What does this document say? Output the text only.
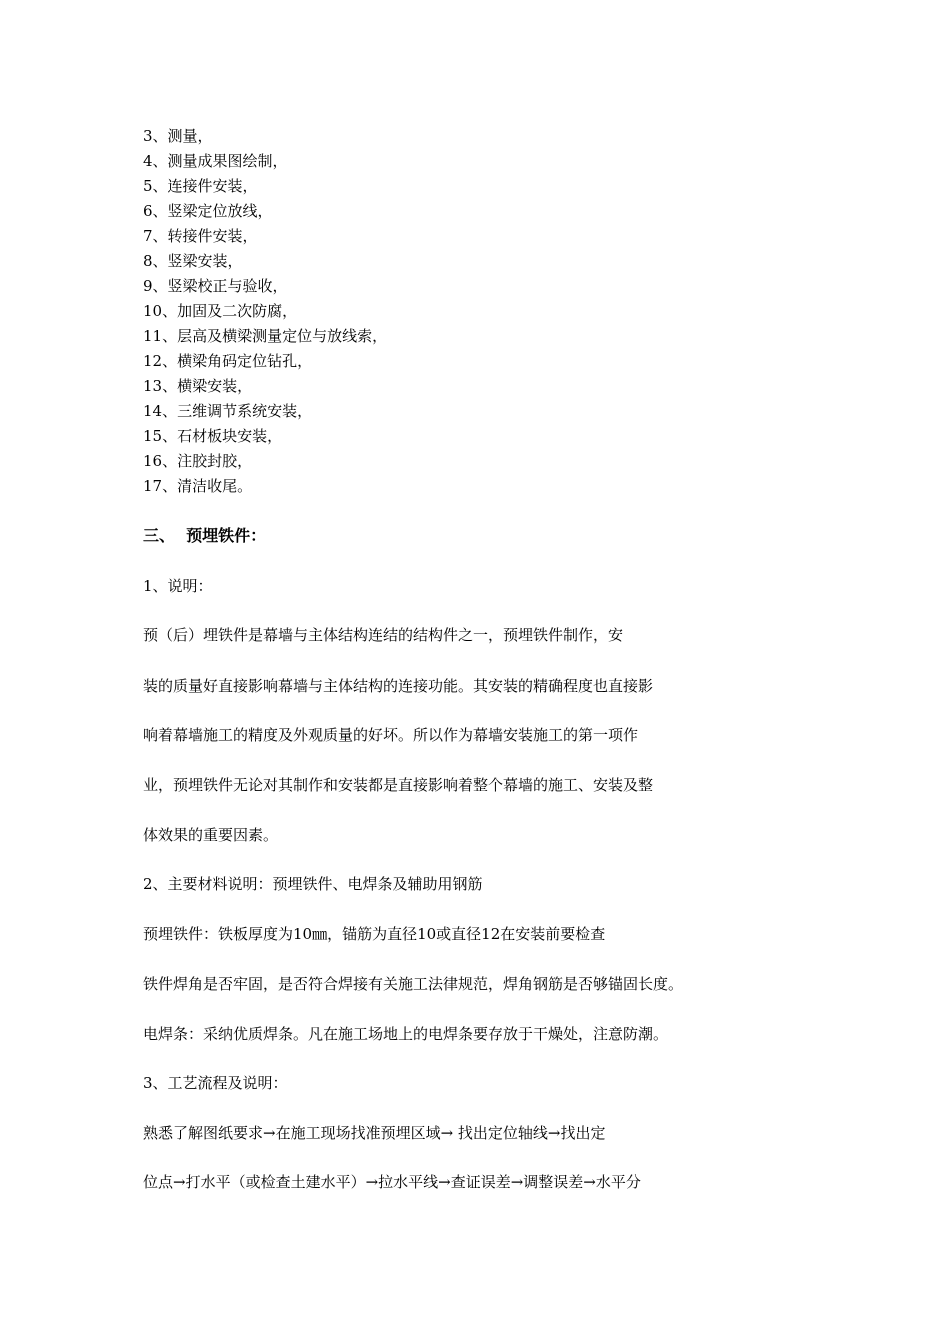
3、测量，
4、测量成果图绘制，
5、连接件安装，
6、竖梁定位放线，
7、转接件安装，
8、竖梁安装，
9、竖梁校正与验收，
10、加固及二次防腐，
11、层高及横梁测量定位与放线索，
12、横梁角码定位钻孔，
13、横梁安装，
14、三维调节系统安装，
15、石材板块安装，
16、注胶封胶，
17、清洁收尾。
三、  预埋铁件：
1、说明：
预（后）埋铁件是幕墙与主体结构连结的结构件之一，预埋铁件制作，安
装的质量好直接影响幕墙与主体结构的连接功能。其安装的精确程度也直接影
响着幕墙施工的精度及外观质量的好坏。所以作为幕墙安装施工的第一项作
业，预埋铁件无论对其制作和安装都是直接影响着整个幕墙的施工、安装及整
体效果的重要因素。
2、主要材料说明：预埋铁件、电焊条及辅助用钢筋
预埋铁件：铁板厚度为10㎜，锚筋为直径10或直径12在安装前要检查
铁件焊角是否牢固，是否符合焊接有关施工法律规范，焊角钢筋是否够锚固长度。
电焊条：采纳优质焊条。凡在施工场地上的电焊条要存放于干燥处，注意防潮。
3、工艺流程及说明：
熟悉了解图纸要求→在施工现场找准预埋区域→ 找出定位轴线→找出定
位点→打水平（或检查土建水平）→拉水平线→查证误差→调整误差→水平分
